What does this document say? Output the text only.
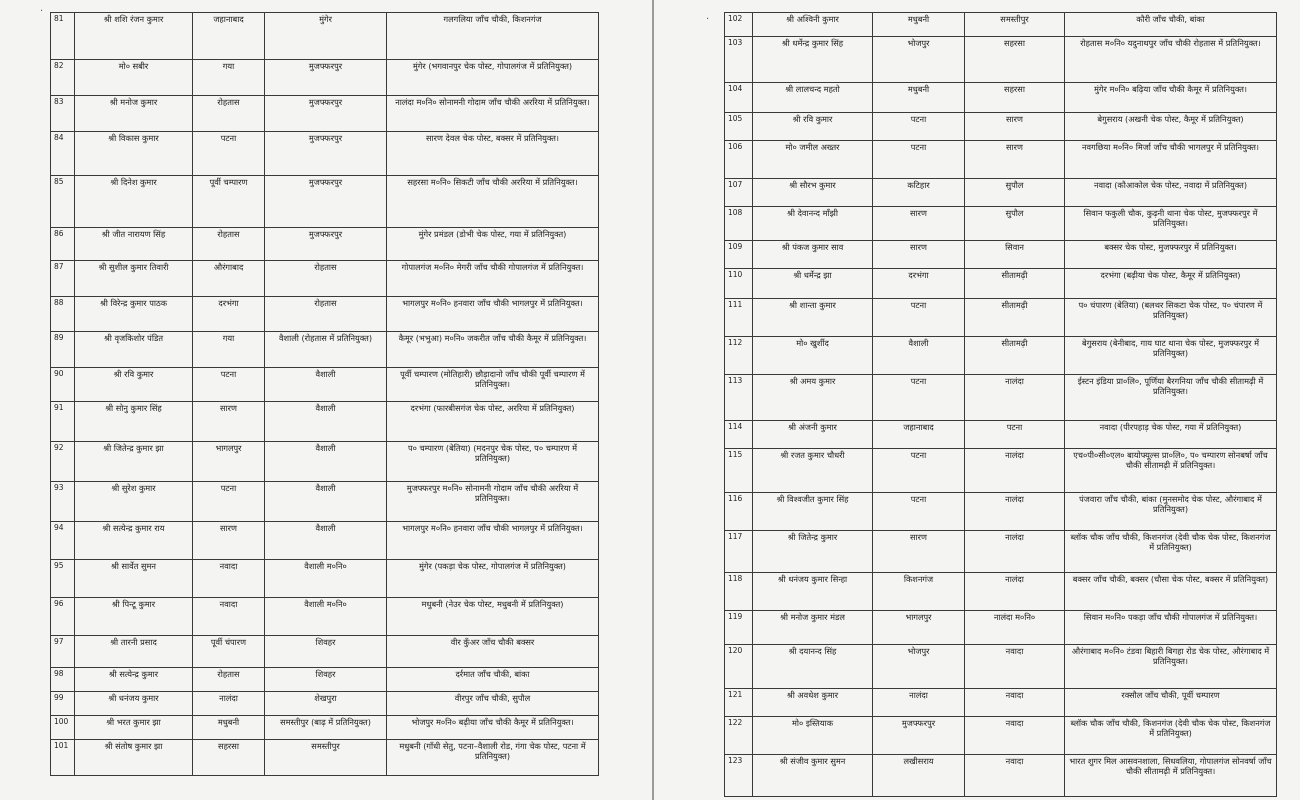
·
81	श्री शशि रंजन कुमार	जहानाबाद	मुंगेर	गलगलिया जाँच चौकी, किशनगंज
82	मो० सबीर	गया	मुजफ्फरपुर	मुंगेर (भगवानपुर चेक पोस्ट, गोपालगंज में प्रतिनियुक्त)
83	श्री मनोज कुमार	रोहतास	मुजफ्फरपुर	नालंदा म०नि० सोनामनी गोदाम जाँच चौकी अररिया में प्रतिनियुक्त।
84	श्री विकास कुमार	पटना	मुजफ्फरपुर	सारण देवल चेक पोस्ट, बक्सर में प्रतिनियुक्त।
85	श्री दिनेश कुमार	पूर्वी चम्पारण	मुजफ्फरपुर	सहरसा म०नि० सिकटी जाँच चौकी अररिया में प्रतिनियुक्त।
86	श्री जीत नारायण सिंह	रोहतास	मुजफ्फरपुर	मुंगेर प्रमंडल (डोभी चेक पोस्ट, गया में प्रतिनियुक्त)
87	श्री सुशील कुमार तिवारी	औरंगाबाद	रोहतास	गोपालगंज म०नि० मेगरी जाँच चौकी गोपालगंज में प्रतिनियुक्त।
88	श्री विरेन्द्र कुमार पाठक	दरभंगा	रोहतास	भागलपुर म०नि० हनवारा जाँच चौकी भागलपुर में प्रतिनियुक्त।
89	श्री वृजकिशोर पंडित	गया	वैशाली (रोहतास में प्रतिनियुक्त)	कैमूर (भभुआ) म०नि० जकरीत जाँच चौकी कैमूर में प्रतिनियुक्त।
90	श्री रवि कुमार	पटना	वैशाली	पूर्वी चम्पारण (मोतिहारी) छौड़ादानो जाँच चौकी पूर्वी चम्पारण में प्रतिनियुक्त।
91	श्री सोनु कुमार सिंह	सारण	वैशाली	दरभंगा (फारबीसगंज चेक पोस्ट, अररिया में प्रतिनियुक्त)
92	श्री जितेन्द्र कुमार झा	भागलपुर	वैशाली	प० चम्पारण (बेतिया) (मदनपुर चेक पोस्ट, प० चम्पारण में प्रतिनियुक्त)
93	श्री सुरेश कुमार	पटना	वैशाली	मुजफ्फरपुर म०नि० सोनामनी गोदाम जाँच चौकी अररिया में प्रतिनियुक्त।
94	श्री सत्येन्द्र कुमार राय	सारण	वैशाली	भागलपुर म०नि० हनवारा जाँच चौकी भागलपुर में प्रतिनियुक्त।
95	श्री सार्वेत सुमन	नवादा	वैशाली म०नि०	मुंगेर (पकड़ा चेक पोस्ट, गोपालगंज में प्रतिनियुक्त)
96	श्री पिन्टू कुमार	नवादा	वैशाली म०नि०	मधुबनी (नेउर चेक पोस्ट, मधुबनी में प्रतिनियुक्त)
97	श्री तारनी प्रसाद	पूर्वी चंपारण	शिवहर	वीर कुँअर जाँच चौकी बक्सर
98	श्री सत्येन्द्र कुमार	रोहतास	शिवहर	दर्रमात जाँच चौकी, बांका
99	श्री धनंजय कुमार	नालंदा	शेखपुरा	वीरपुर जाँच चौकी, सुपौल
100	श्री भरत कुमार झा	मधुबनी	समस्तीपुर (बाढ़ में प्रतिनियुक्त)	भोजपुर म०नि० बढ़ीया जाँच चौकी कैमूर में प्रतिनियुक्त।
101	श्री संतोष कुमार झा	सहरसा	समस्तीपुर	मधुबनी (गाँधी सेतु, पटना–वैशाली रोड, गंगा चेक पोस्ट, पटना में प्रतिनियुक्त)
·	102	श्री अश्विनी कुमार	मधुबनी	समस्तीपुर	कौरी जाँच चौकी, बांका
103	श्री धर्मेन्द्र कुमार सिंह	भोजपुर	सहरसा	रोहतास म०नि० यदुनाथपुर जाँच चौकी रोहतास में प्रतिनियुक्त।
104	श्री लालचन्द महतो	मधुबनी	सहरसा	मुंगेर म०नि० बढ़िया जाँच चौकी कैमूर में प्रतिनियुक्त।
105	श्री रवि कुमार	पटना	सारण	बेगुसराय (अखनी चेक पोस्ट, कैमूर में प्रतिनियुक्त)
106	मो० जमील अख्तर	पटना	सारण	नवगछिया म०नि० मिर्जा जाँच चौकी भागलपुर में प्रतिनियुक्त।
107	श्री सौरभ कुमार	कटिहार	सुपौल	नवादा (कौआकोल चेक पोस्ट, नवादा में प्रतिनियुक्त)
108	श्री देवानन्द माँझी	सारण	सुपौल	सिवान फकुली चौक, कुढ़नी थाना चेक पोस्ट, मुजफ्फरपुर में प्रतिनियुक्त।
109	श्री पंकज कुमार साव	सारण	सिवान	बक्सर चेक पोस्ट, मुजफ्फरपुर में प्रतिनियुक्त।
110	श्री धर्मेन्द्र झा	दरभंगा	सीतामढ़ी	दरभंगा (बढ़ीया चेक पोस्ट, कैमूर में प्रतिनियुक्त)
111	श्री शान्ता कुमार	पटना	सीतामढ़ी	प० चंपारण (बेतिया) (बलथर सिकटा चेक पोस्ट, प० चंपारण में प्रतिनियुक्त)
112	मो० खुर्शीद	वैशाली	सीतामढ़ी	बेगुसराय (बेनीबाद, गाय घाट थाना चेक पोस्ट, मुजफ्फरपुर में प्रतिनियुक्त)
113	श्री अमय कुमार	पटना	नालंदा	ईस्टन इंडिया प्रा०लि०, पूर्णिया बैरगनिया जाँच चौकी सीतामढ़ी में प्रतिनियुक्त।
114	श्री अंजनी कुमार	जहानाबाद	पटना	नवादा (पीरपहाड़ चेक पोस्ट, गया में प्रतिनियुक्त)
115	श्री रजत कुमार चौधरी	पटना	नालंदा	एच०पी०सी०एल० बायोफ्यूल्स प्रा०लि०, प० चम्पारण सोनबर्षा जाँच चौकी सीतामढ़ी में प्रतिनियुक्त।
116	श्री विश्वजीत कुमार सिंह	पटना	नालंदा	पंजवारा जाँच चौकी, बांका (मुनसमोद चेक पोस्ट, औरंगाबाद में प्रतिनियुक्त)
117	श्री जितेन्द्र कुमार	सारण	नालंदा	ब्लॉक चौक जाँच चौकी, किशनगंज (देवी चौक चेक पोस्ट, किशनगंज में प्रतिनियुक्त)
118	श्री धनंजय कुमार सिन्हा	किशनगंज	नालंदा	बक्सर जाँच चौकी, बक्सर (चौसा चेक पोस्ट, बक्सर में प्रतिनियुक्त)
119	श्री मनोज कुमार मंडल	भागलपुर	नालंदा म०नि०	सिवान म०नि० पकड़ा जाँच चौकी गोपालगंज में प्रतिनियुक्त।
120	श्री दयानन्द सिंह	भोजपुर	नवादा	औरंगाबाद म०नि० टंडवा बिहारी बिगहा रोड चेक पोस्ट, औरंगाबाद में प्रतिनियुक्त।
121	श्री अवधेश कुमार	नालंदा	नवादा	रक्सौल जाँच चौकी, पूर्वी चम्पारण
122	मो० इस्तियाक	मुजफ्फरपुर	नवादा	ब्लॉक चौक जाँच चौकी, किशनगंज (देवी चौक चेक पोस्ट, किशनगंज में प्रतिनियुक्त)
123	श्री संजीव कुमार सुमन	लखीसराय	नवादा	भारत शुगर मिल आसवनशाला, सिधवलिया, गोपालगंज सोनवर्षा जाँच चौकी सीतामढ़ी में प्रतिनियुक्त।
